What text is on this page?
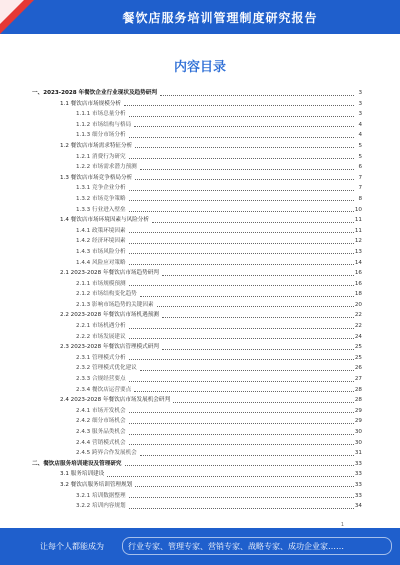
餐饮店服务培训管理制度研究报告
内容目录
一、2023-2028 年餐饮企业行业现状及趋势研判	3
1.1 餐饮店市场规模分析	3
1.1.1 市场总量分析	3
1.1.2 市场结构与格局	4
1.1.3 细分市场分析	4
1.2 餐饮店市场需求特征分析	5
1.2.1 消费行为研究	5
1.2.2 市场需求潜力预测	6
1.3 餐饮店市场竞争格局分析	7
1.3.1 竞争企业分析	7
1.3.2 市场竞争策略	8
1.3.3 行业进入壁垒	10
1.4 餐饮店市场环境因素与风险分析	11
1.4.1 政策环境因素	11
1.4.2 经济环境因素	12
1.4.3 市场风险分析	13
1.4.4 风险应对策略	14
2.1 2023-2028 年餐饮店市场趋势研判	16
2.1.1 市场规模预测	16
2.1.2 市场结构变化趋势	18
2.1.3 影响市场趋势的关键因素	20
2.2 2023-2028 年餐饮店市场机遇预测	22
2.2.1 市场机遇分析	22
2.2.2 市场发展建议	24
2.3 2023-2028 年餐饮店管理模式研判	25
2.3.1 管理模式分析	25
2.3.2 管理模式优化建议	26
2.3.3 合规经营要点	27
2.3.4 餐饮店运营要点	28
2.4 2023-2028 年餐饮店市场发展机会研判	28
2.4.1 市场开发机会	29
2.4.2 细分市场机会	29
2.4.3 服务品类机会	30
2.4.4 营销模式机会	30
2.4.5 跨界合作发展机会	31
二、餐饮店服务培训建设及管理研究	33
3.1 服务培训建设	33
3.2 餐饮店服务培训管理规划	33
3.2.1 培训数据整理	33
3.2.2 培训内容规划	34
1
让每个人都能成为	行业专家、管理专家、营销专家、战略专家、成功企业家……
